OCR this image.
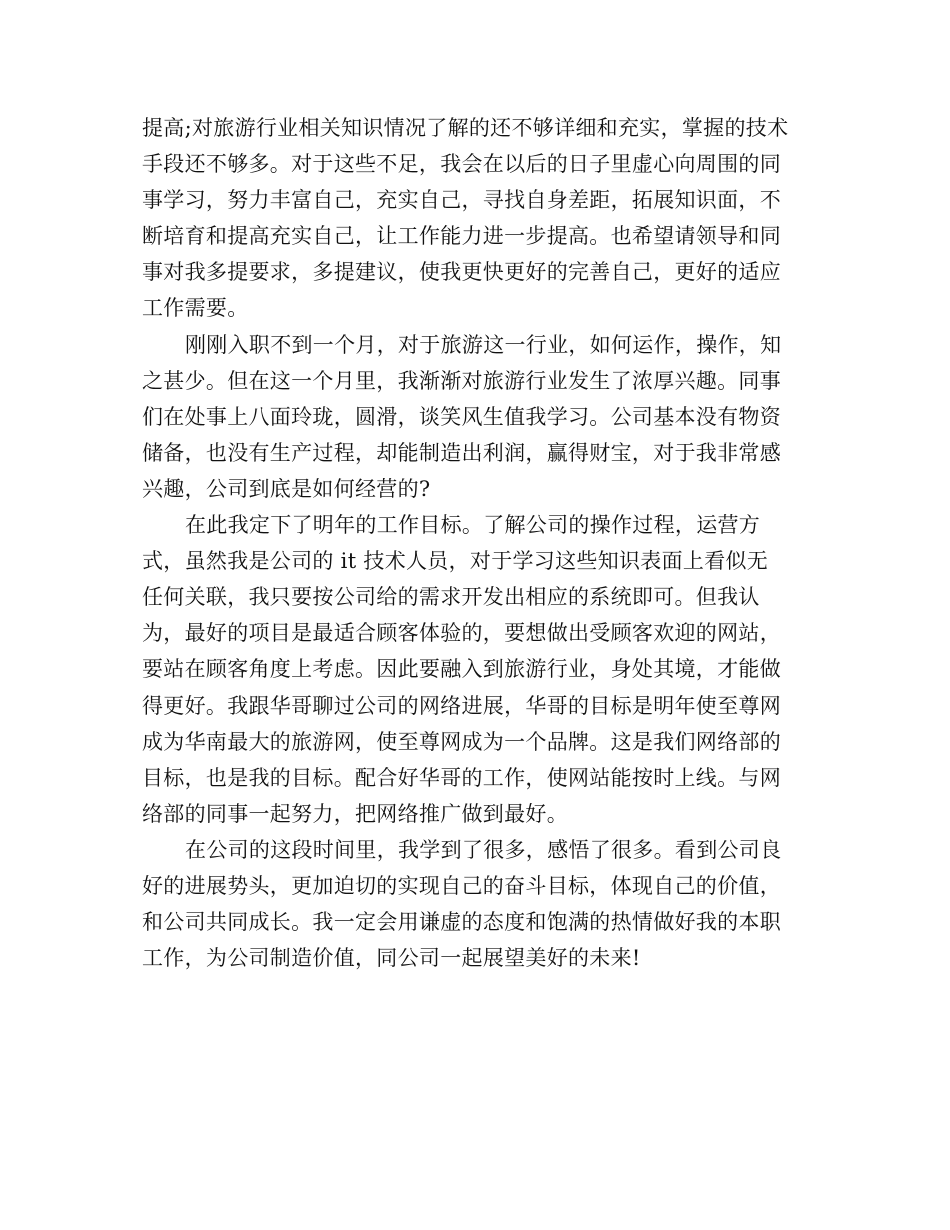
提高;对旅游行业相关知识情况了解的还不够详细和充实，掌握的技术
手段还不够多。对于这些不足，我会在以后的日子里虚心向周围的同
事学习，努力丰富自己，充实自己，寻找自身差距，拓展知识面，不
断培育和提高充实自己，让工作能力进一步提高。也希望请领导和同
事对我多提要求，多提建议，使我更快更好的完善自己，更好的适应
工作需要。
刚刚入职不到一个月，对于旅游这一行业，如何运作，操作，知
之甚少。但在这一个月里，我渐渐对旅游行业发生了浓厚兴趣。同事
们在处事上八面玲珑，圆滑，谈笑风生值我学习。公司基本没有物资
储备，也没有生产过程，却能制造出利润，赢得财宝，对于我非常感
兴趣，公司到底是如何经营的?
在此我定下了明年的工作目标。了解公司的操作过程，运营方
式，虽然我是公司的 it 技术人员，对于学习这些知识表面上看似无
任何关联，我只要按公司给的需求开发出相应的系统即可。但我认
为，最好的项目是最适合顾客体验的，要想做出受顾客欢迎的网站，
要站在顾客角度上考虑。因此要融入到旅游行业，身处其境，才能做
得更好。我跟华哥聊过公司的网络进展，华哥的目标是明年使至尊网
成为华南最大的旅游网，使至尊网成为一个品牌。这是我们网络部的
目标，也是我的目标。配合好华哥的工作，使网站能按时上线。与网
络部的同事一起努力，把网络推广做到最好。
在公司的这段时间里，我学到了很多，感悟了很多。看到公司良
好的进展势头，更加迫切的实现自己的奋斗目标，体现自己的价值，
和公司共同成长。我一定会用谦虚的态度和饱满的热情做好我的本职
工作，为公司制造价值，同公司一起展望美好的未来!
